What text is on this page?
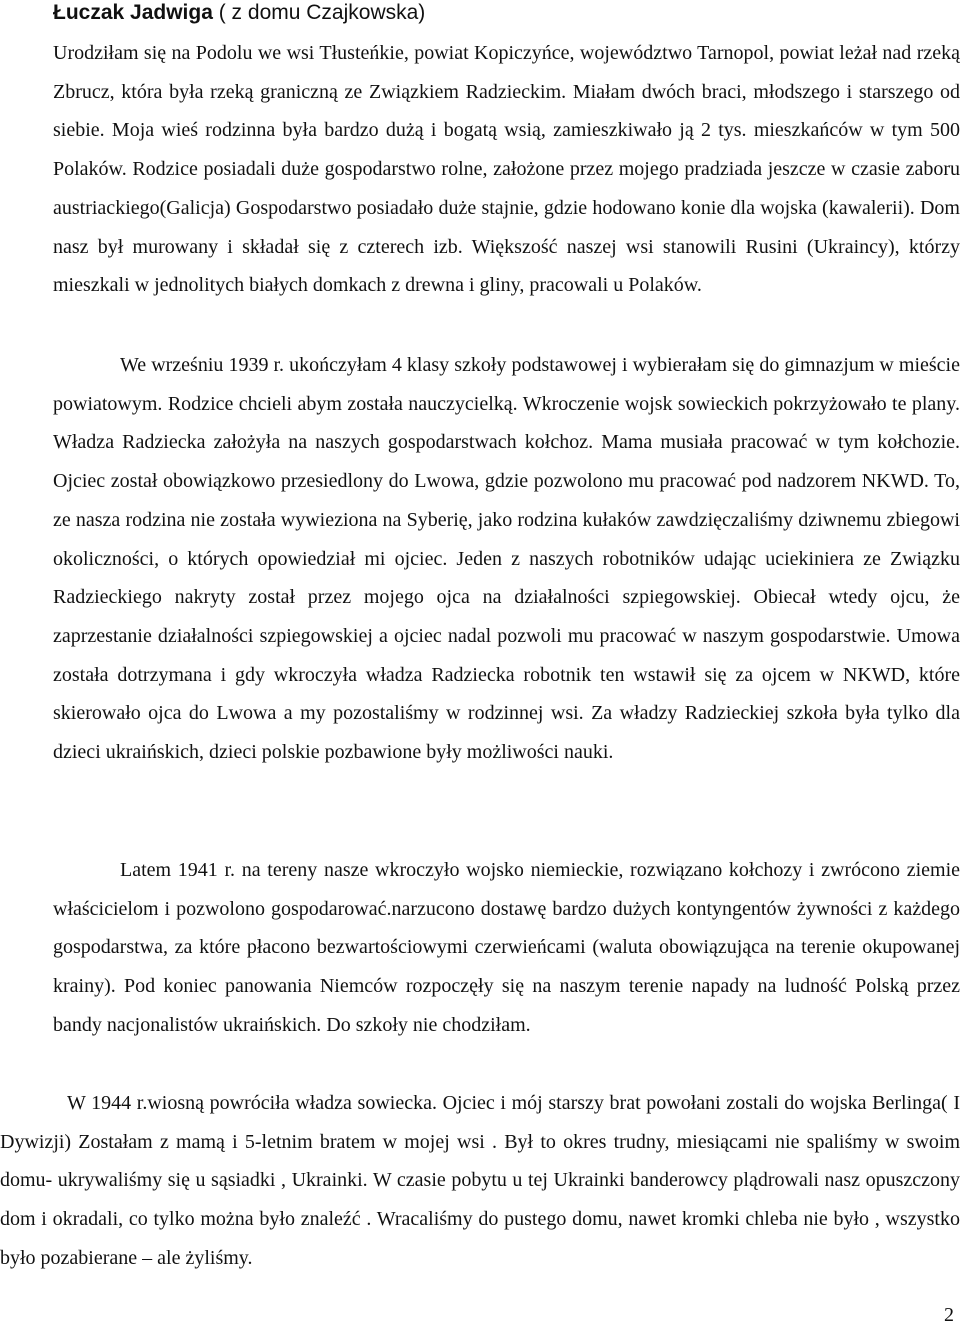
Łuczak Jadwiga ( z domu Czajkowska)

Urodziłam się na Podolu we wsi Tłusteńkie, powiat Kopiczyńce, województwo Tarnopol, powiat leżał nad rzeką Zbrucz, która była rzeką graniczną ze Związkiem Radzieckim. Miałam dwóch braci, młodszego i starszego od siebie. Moja wieś rodzinna była bardzo dużą i bogatą wsią, zamieszkiwało ją 2 tys. mieszkańców w tym 500 Polaków. Rodzice posiadali duże gospodarstwo rolne, założone przez mojego pradziada jeszcze w czasie zaboru austriackiego(Galicja) Gospodarstwo posiadało duże stajnie, gdzie hodowano konie dla wojska (kawalerii). Dom nasz był murowany i składał się z czterech izb. Większość naszej wsi stanowili Rusini (Ukraincy), którzy mieszkali w jednolitych białych domkach z drewna i gliny, pracowali u Polaków.

We wrześniu 1939 r. ukończyłam 4 klasy szkoły podstawowej i wybierałam się do gimnazjum w mieście powiatowym. Rodzice chcieli abym została nauczycielką. Wkroczenie wojsk sowieckich pokrzyżowało te plany. Władza Radziecka założyła na naszych gospodarstwach kołchoz. Mama musiała pracować w tym kołchozie. Ojciec został obowiązkowo przesiedlony do Lwowa, gdzie pozwolono mu pracować pod nadzorem NKWD. To, ze nasza rodzina nie została wywieziona na Syberię, jako rodzina kułaków zawdzięczaliśmy dziwnemu zbiegowi okoliczności, o których opowiedział mi ojciec. Jeden z naszych robotników udając uciekiniera ze Związku Radzieckiego nakryty został przez mojego ojca na działalności szpiegowskiej. Obiecał wtedy ojcu, że zaprzestanie działalności szpiegowskiej a ojciec nadal pozwoli mu pracować w naszym gospodarstwie. Umowa została dotrzymana i gdy wkroczyła władza Radziecka robotnik ten wstawił się za ojcem w NKWD, które skierowało ojca do Lwowa a my pozostaliśmy w rodzinnej wsi. Za władzy Radzieckiej szkoła była tylko dla dzieci ukraińskich, dzieci polskie pozbawione były możliwości nauki.

Latem 1941 r. na tereny nasze wkroczyło wojsko niemieckie, rozwiązano kołchozy i zwrócono ziemie właścicielom i pozwolono gospodarować.narzucono dostawę bardzo dużych kontyngentów żywności z każdego gospodarstwa, za które płacono bezwartościowymi czerwieńcami (waluta obowiązująca na terenie okupowanej krainy). Pod koniec panowania Niemców rozpoczęły się na naszym terenie napady na ludność Polską przez bandy nacjonalistów ukraińskich. Do szkoły nie chodziłam.

W 1944 r.wiosną powróciła władza sowiecka. Ojciec i mój starszy brat powołani zostali do wojska Berlinga( I Dywizji) Zostałam z mamą i 5-letnim bratem w mojej wsi . Był to okres trudny, miesiącami nie spaliśmy w swoim domu- ukrywaliśmy się u sąsiadki , Ukrainki. W czasie pobytu u tej Ukrainki banderowcy plądrowali nasz opuszczony dom i okradali, co tylko można było znaleźć . Wracaliśmy do pustego domu, nawet kromki chleba nie było , wszystko było pozabierane – ale żyliśmy.

2
